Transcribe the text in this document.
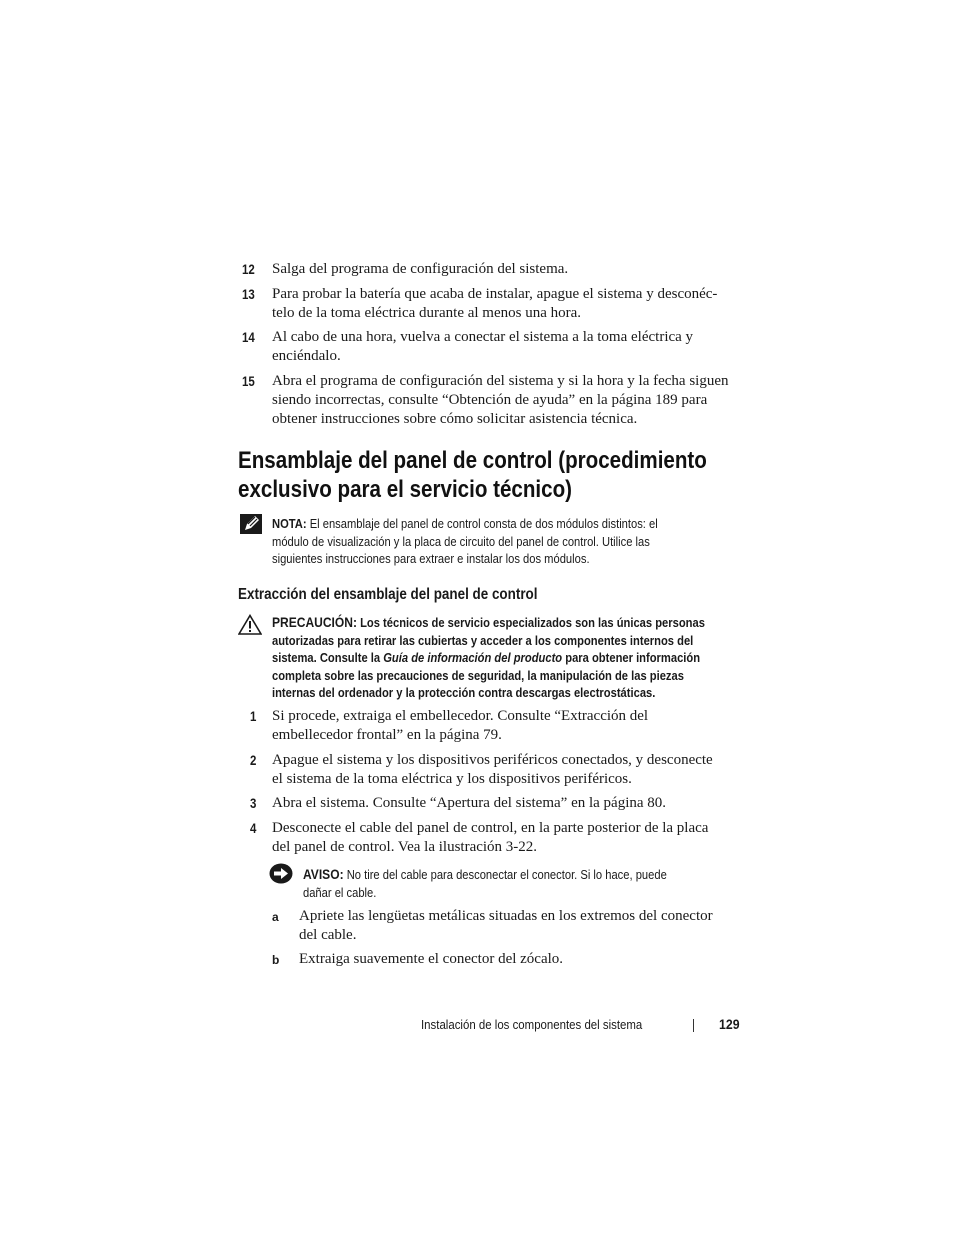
12 Salga del programa de configuración del sistema.
13 Para probar la batería que acaba de instalar, apague el sistema y desconéc-
telo de la toma eléctrica durante al menos una hora.
14 Al cabo de una hora, vuelva a conectar el sistema a la toma eléctrica y
enciéndalo.
15 Abra el programa de configuración del sistema y si la hora y la fecha siguen
siendo incorrectas, consulte “Obtención de ayuda” en la página 189 para
obtener instrucciones sobre cómo solicitar asistencia técnica.
Ensamblaje del panel de control (procedimiento
exclusivo para el servicio técnico)
NOTA: El ensamblaje del panel de control consta de dos módulos distintos: el
módulo de visualización y la placa de circuito del panel de control. Utilice las
siguientes instrucciones para extraer e instalar los dos módulos.
Extracción del ensamblaje del panel de control
PRECAUCIÓN: Los técnicos de servicio especializados son las únicas personas
autorizadas para retirar las cubiertas y acceder a los componentes internos del
sistema. Consulte la Guía de información del producto para obtener información
completa sobre las precauciones de seguridad, la manipulación de las piezas
internas del ordenador y la protección contra descargas electrostáticas.
1 Si procede, extraiga el embellecedor. Consulte “Extracción del
embellecedor frontal” en la página 79.
2 Apague el sistema y los dispositivos periféricos conectados, y desconecte
el sistema de la toma eléctrica y los dispositivos periféricos.
3 Abra el sistema. Consulte “Apertura del sistema” en la página 80.
4 Desconecte el cable del panel de control, en la parte posterior de la placa
del panel de control. Vea la ilustración 3-22.
AVISO: No tire del cable para desconectar el conector. Si lo hace, puede
dañar el cable.
a Apriete las lengüetas metálicas situadas en los extremos del conector
del cable.
b Extraiga suavemente el conector del zócalo.
Instalación de los componentes del sistema	129
